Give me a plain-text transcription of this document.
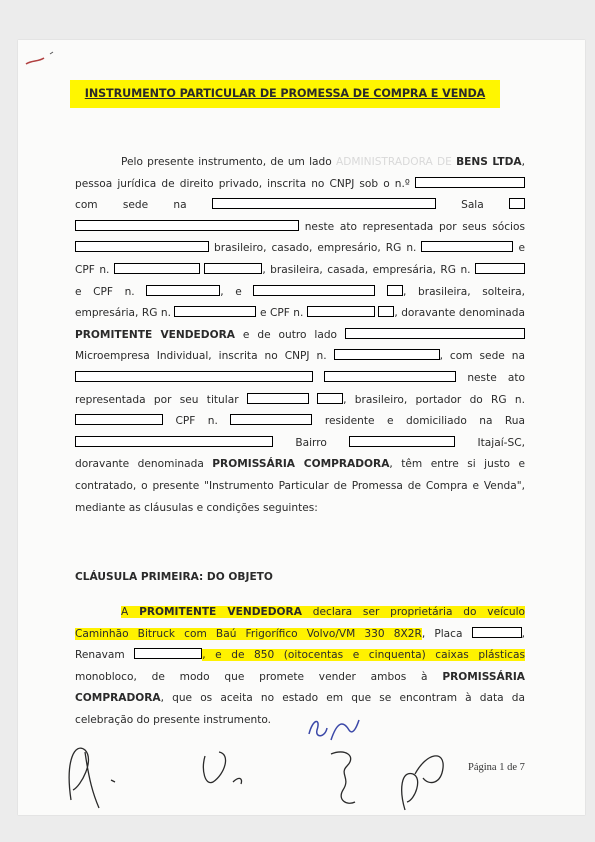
INSTRUMENTO PARTICULAR DE PROMESSA DE COMPRA E VENDA
Pelo presente instrumento, de um lado ADMINISTRADORA DE BENS LTDA, pessoa jurídica de direito privado, inscrita no CNPJ sob o n.º  com sede na	Sala   neste ato representada por seus sócios  brasileiro, casado, empresário, RG n.	e CPF n.	, brasileira, casada, empresária, RG n.  e CPF n.	, e	, brasileira, solteira, empresária, RG n.	e CPF n.	, doravante denominada PROMITENTE VENDEDORA e de outro lado  Microempresa Individual, inscrita no CNPJ n.	, com sede na   neste ato representada por seu titular	, brasileiro, portador do RG n.  CPF n.	residente e domiciliado na Rua  Bairro	Itajaí-SC, doravante denominada PROMISSÁRIA COMPRADORA, têm entre si justo e contratado, o presente "Instrumento Particular de Promessa de Compra e Venda", mediante as cláusulas e condições seguintes:
CLÁUSULA PRIMEIRA: DO OBJETO
A PROMITENTE VENDEDORA declara ser proprietária do veículo Caminhão Bitruck com Baú Frigorífico Volvo/VM 330 8X2R, Placa	, Renavam	, e de 850 (oitocentas e cinquenta) caixas plásticas monobloco, de modo que promete vender ambos à PROMISSÁRIA COMPRADORA, que os aceita no estado em que se encontram à data da celebração do presente instrumento.
Página 1 de 7
